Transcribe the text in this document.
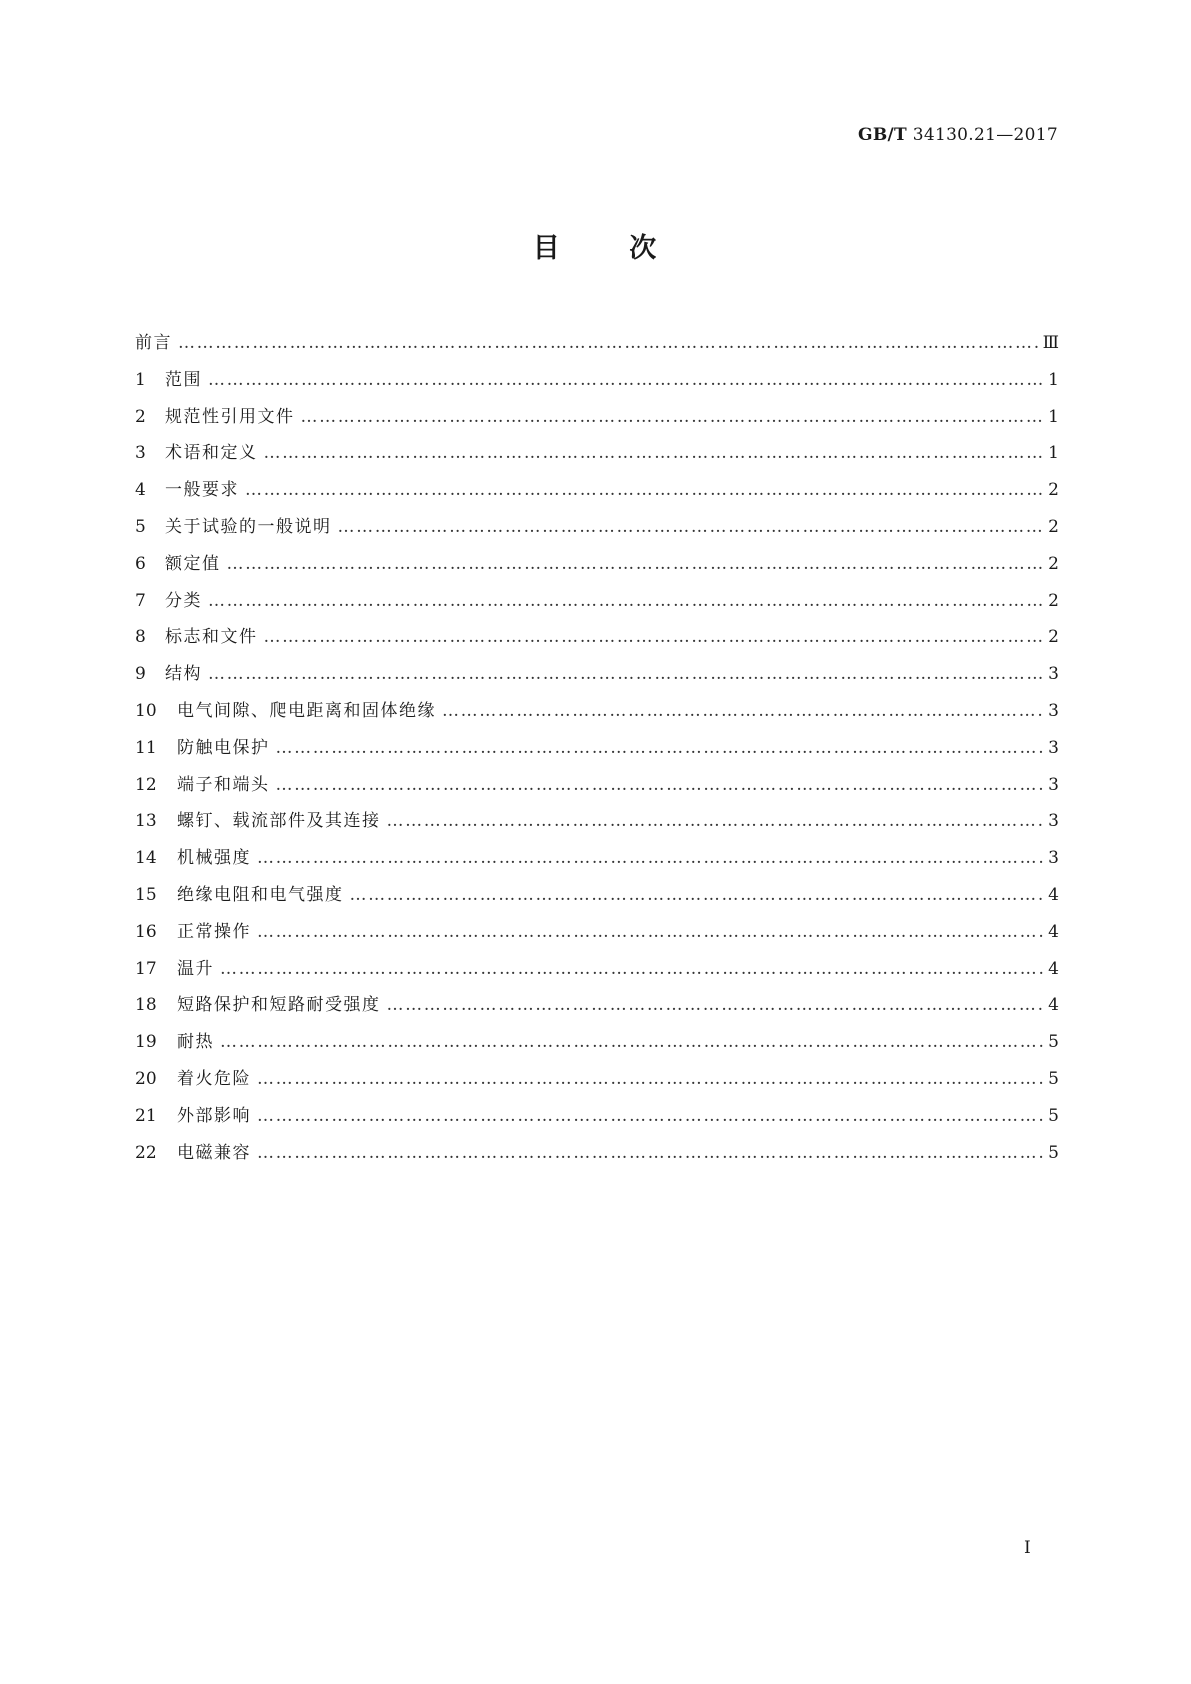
GB/T 34130.21—2017
目 次
前言 ……………………………………………………………………………………………………………………………………………………………………………………………………	Ⅲ
1	范围 ……………………………………………………………………………………………………………………………………………………………………………………………………	1
2	规范性引用文件 ……………………………………………………………………………………………………………………………………………………………………………………………………	1
3	术语和定义 ……………………………………………………………………………………………………………………………………………………………………………………………………	1
4	一般要求 ……………………………………………………………………………………………………………………………………………………………………………………………………	2
5	关于试验的一般说明 ……………………………………………………………………………………………………………………………………………………………………………………………………	2
6	额定值 ……………………………………………………………………………………………………………………………………………………………………………………………………	2
7	分类 ……………………………………………………………………………………………………………………………………………………………………………………………………	2
8	标志和文件 ……………………………………………………………………………………………………………………………………………………………………………………………………	2
9	结构 ……………………………………………………………………………………………………………………………………………………………………………………………………	3
10	电气间隙、爬电距离和固体绝缘 ……………………………………………………………………………………………………………………………………………………………………………………………………	3
11	防触电保护 ……………………………………………………………………………………………………………………………………………………………………………………………………	3
12	端子和端头 ……………………………………………………………………………………………………………………………………………………………………………………………………	3
13	螺钉、载流部件及其连接 ……………………………………………………………………………………………………………………………………………………………………………………………………	3
14	机械强度 ……………………………………………………………………………………………………………………………………………………………………………………………………	3
15	绝缘电阻和电气强度 ……………………………………………………………………………………………………………………………………………………………………………………………………	4
16	正常操作 ……………………………………………………………………………………………………………………………………………………………………………………………………	4
17	温升 ……………………………………………………………………………………………………………………………………………………………………………………………………	4
18	短路保护和短路耐受强度 ……………………………………………………………………………………………………………………………………………………………………………………………………	4
19	耐热 ……………………………………………………………………………………………………………………………………………………………………………………………………	5
20	着火危险 ……………………………………………………………………………………………………………………………………………………………………………………………………	5
21	外部影响 ……………………………………………………………………………………………………………………………………………………………………………………………………	5
22	电磁兼容 ……………………………………………………………………………………………………………………………………………………………………………………………………	5
Ⅰ
